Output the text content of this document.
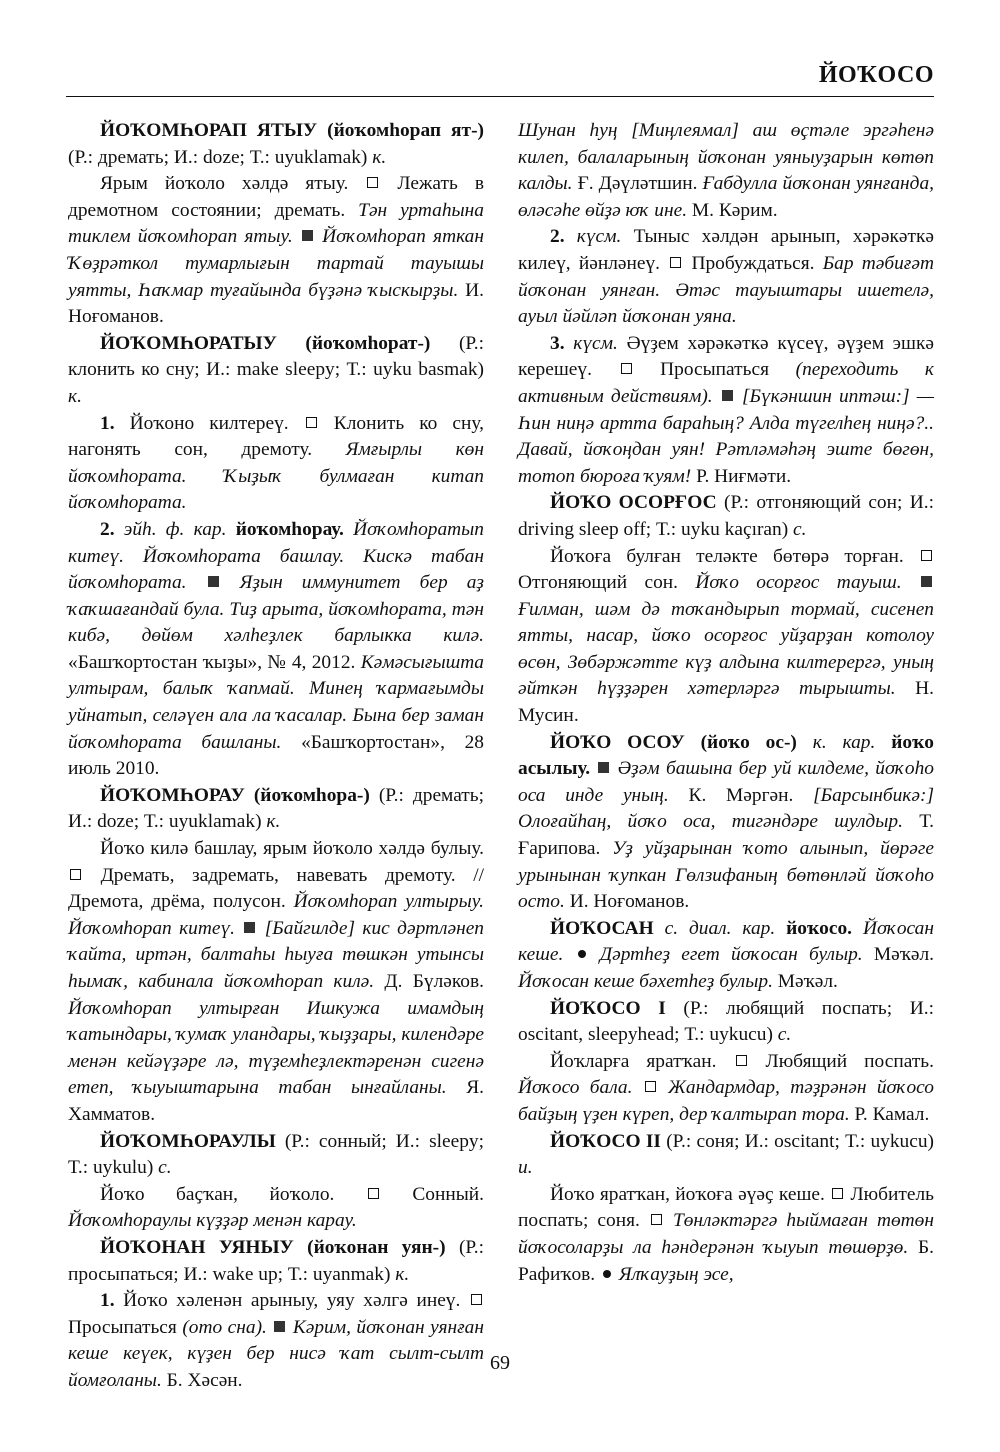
ЙОҠОСО

ЙОҠОМҺОРАП ЯТЫУ (йоҡомһорап ят-) (Р.: дремать; И.: doze; Т.: uyuklamak) к.

Ярым йоҡоло хәлдә ятыу.	Лежать в дремотном состоянии; дремать. Тән уртаһына тиклем йоҡомһорап ятыу. Йоҡомһорап яткан Ҡөҙрәткол тумарлығын тартай тауышы уятты, Һаҡмар туғайында бүҙәнә ҡыскырҙы. И. Ноғоманов.

ЙОҠОМҺОРАТЫУ (йоҡомһорат-) (Р.: клонить ко сну; И.: make sleepy; Т.: uyku basmak) к.

1. Йоҡоно килтереү. Клонить ко сну, нагонять сон, дремоту. Ямғырлы көн йоҡомһората. Ҡыҙыҡ булмаған китап йоҡомһората.

2. эйһ. ф. кар. йоҡомһорау. Йоҡомһоратып китеү. Йоҡомһората башлау. Кискә табан йоҡомһората.	Яҙын иммунитет бер аҙ ҡаҡшағандай була. Тиҙ арыта, йоҡомһората, тән кибә, дөйөм хәлһеҙлек барлыкка килә. «Башҡортостан ҡыҙы», № 4, 2012. Кәмәсығыштa ултырам, балыҡ ҡапмай. Минең ҡармағымды уйнатып, селәүен ала ла ҡасалар. Бына бер заман йоҡомһората башланы. «Башҡортостан», 28 июль 2010.

ЙОҠОМҺОРАУ (йоҡомһора-) (Р.: дремать; И.: doze; Т.: uyuklamak) к.

Йоҡо килә башлау, ярым йоҡоло хәлдә булыу.  Дремать, задремать, навевать дремоту. // Дремота, дрёма, полусон. Йоҡомһорап ултырыу. Йоҡомһорап китеү. [Байгилде] кис дәртләнеп ҡайта, иртән, балтаһы һыуға төшкән утынсы һымаҡ, кабиналa йоҡомһорап килә. Д. Бүләков. Йоҡомһорап ултырған Ишкужа имамдың ҡатындары, ҡумаҡ уландары, ҡыҙҙары, килендәре менән кейәүҙәре лә, түҙемһеҙлектәренән сигенә етеп, ҡыуыштарына табан ынғайланы. Я. Хамматов.

ЙОҠОМҺОРАУЛЫ (Р.: сонный; И.: sleepy; Т.: uykulu) с.

Йоҡо баҫҡан, йоҡоло.	Сонный. Йоҡомһораулы күҙҙәр менән карау.

ЙОҠОНАН УЯНЫУ (йоҡонан уян-) (Р.: просыпаться; И.: wake up; Т.: uyanmak) к.

1. Йоҡо хәленән арыныу, уяу хәлгә инеү.  Просыпаться (ото сна). Кәрим, йоҡонан уянған кеше кеүек, күҙен бер нисә ҡат сылт-сылт йомғоланы. Б. Хәсән.

Шунан һуң [Миңлеямал] аш өҫтәле эргәһенә килеп, балаларының йоҡонан уяныуҙарын көтөп калды. Ғ. Дәүләтшин. Ғабдулла йоҡонан уянғанда, өләсәһе өйҙә юҡ ине. М. Кәрим.

2. күсм. Тыныс хәлдән арынып, хәрәкәткә килеү, йәнләнеү. Пробуждаться. Бар тәбиғәт йоҡонан уянған. Әтәс тауыштары ишетелә, ауыл йәйләп йоҡонан уяна.

3. күсм. Әүҙем хәрәкәткә күсеү, әүҙем эшкә керешеү.	Просыпаться (переходить к активным действиям). [Бүкәншин иптәш:] — Һин ниңә артта бараһың? Алда түгелһең ниңә?.. Давай, йоҡоңдан уян! Рәтләмәһәң эште бөгөн, тотоп бюроға ҡуям! Р. Ниғмәти.

ЙОҠО ОСОРҒОС (Р.: отгоняющий сон; И.: driving sleep off; Т.: uyku kaçıran) с.

Йоҡоға булған теләкте бөтөрә торған.  Отгоняющий сон. Йоҡо осорғос тауыш.  Ғилман, шәм дә тоҡандырып тормай, сисенеп ятты, насар, йоҡо осорғос уйҙарҙан котолоу өсөн, Зөбәржәтте күҙ алдына килтерергә, уның әйткән һүҙҙәрен хәтерләргә тырышты. Н. Мусин.

ЙОҠО ОСОУ (йоҡо ос-) к. кар. йоҡо асылыу. Әҙәм башына бер уй килдеме, йоҡоһо оса инде уның. К. Мәргән. [Барсынбикә:] Олоғайһаң, йоҡо оса, тигәндәре шулдыр. Т. Ғарипова. Уҙ уйҙарынан ҡото алынып, йөрәге урынынан ҡупкан Гөлзифаның бөтөнләй йоҡоһо осто. И. Ноғоманов.

ЙОҠОСАН с. диал. кар. йоҡосо. Йоҡосан кеше. Дәртһеҙ егет йоҡосан булыр. Мәҡәл. Йоҡосан кеше бәхетһеҙ булыр. Мәҡәл.

ЙОҠОСО I (Р.: любящий поспать; И.: oscitant, sleepyhead; Т.: uykucu) с.

Йоҡларға яратҡан.	Любящий поспать. Йоҡосо бала. Жандармдар, тәҙрәнән йоҡосо байҙың үҙен күреп, дер ҡалтырап тора. Р. Камал.

ЙОҠОСО II (Р.: соня; И.: oscitant; Т.: uykucu) и.

Йоҡо яратҡан, йоҡоға әүәҫ кеше. Любитель поспать; соня. Төнләктәргә һыймаған төтөн йоҡосоларҙы ла һәндерәнән ҡыуып төшөрҙө. Б. Рафиҡов. Ялҡауҙың эсе,

69
